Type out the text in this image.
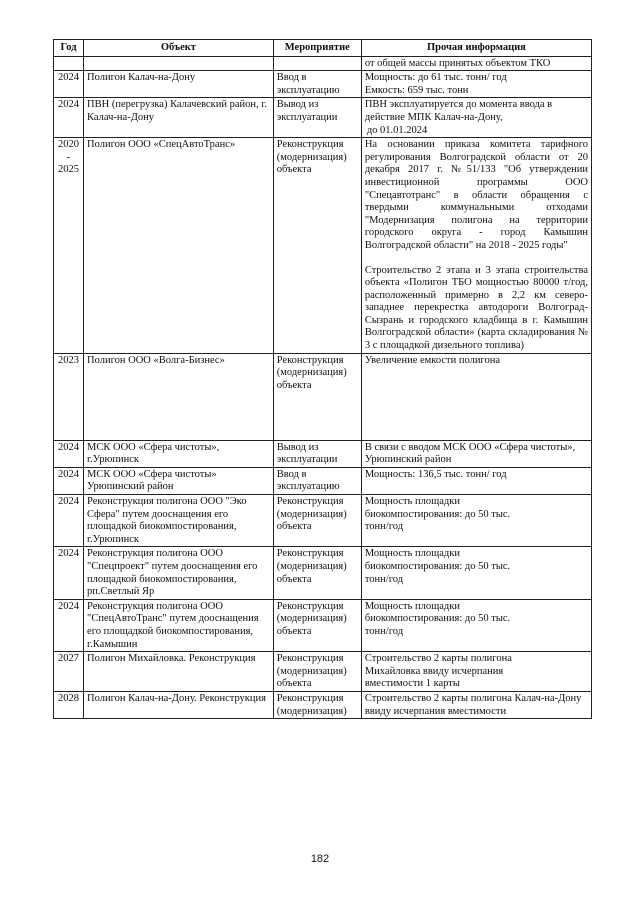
Год	Объект	Мероприятие	Прочая информация
			от общей массы принятых объектом ТКО
2024	Полигон Калач-на-Дону	Ввод в эксплуатацию	Мощность: до 61 тыс. тонн/ год
Емкость: 659 тыс. тонн

2024	ПВН (перегрузка) Калачевский район, г. Калач-на-Дону	Вывод из эксплуатации	ПВН эксплуатируется до момента ввода в действие МПК Калач-на-Дону,
до 01.01.2024

2020 - 2025	Полигон ООО «СпецАвтоТранс»	Реконструкция (модернизация) объекта	На основании приказа комитета тарифного регулирования Волгоградской области от 20 декабря 2017 г. №51/133 "Об утверждении инвестиционной программы ООО "Спецавтотранс" в области обращения с твердыми коммунальными отходами "Модернизация полигона на территории городского округа - город Камышин Волгоградской области" на 2018 - 2025 годы"
Строительство 2 этапа и 3 этапа строительства объекта «Полигон ТБО мощностью 80000 т/год, расположенный примерно в 2,2 км северо-западнее перекрестка автодороги Волгоград-Сызрань и городского кладбища в г. Камышин Волгоградской области» (карта складирования № 3 с площадкой дизельного топлива)

2023	Полигон ООО «Волга-Бизнес»	Реконструкция (модернизация) объекта	Увеличение емкости полигона
2024	МСК ООО «Сфера чистоты», г.Урюпинск	Вывод из эксплуатации	В связи с вводом МСК ООО «Сфера чистоты», Урюпинский район
2024	МСК ООО «Сфера чистоты» Урюпинский район	Ввод в эксплуатацию	Мощность: 136,5 тыс. тонн/ год
2024	Реконструкция полигона ООО "Эко Сфера" путем дооснащения его площадкой биокомпостирования, г.Урюпинск	Реконструкция (модернизация) объекта	Мощность площадки биокомпостирования: до 50 тыс. тонн/год
2024	Реконструкция полигона ООО "Спецпроект" путем дооснащения его площадкой биокомпостирования, рп.Светлый Яр	Реконструкция (модернизация) объекта	Мощность площадки биокомпостирования: до 50 тыс. тонн/год
2024	Реконструкция полигона ООО "СпецАвтоТранс" путем дооснащения его площадкой биокомпостирования, г.Камышин	Реконструкция (модернизация) объекта	Мощность площадки биокомпостирования: до 50 тыс. тонн/год
2027	Полигон Михайловка. Реконструкция	Реконструкция (модернизация) объекта	Строительство 2 карты полигона Михайловка ввиду исчерпания вместимости 1 карты
2028	Полигон Калач-на-Дону. Реконструкция	Реконструкция (модернизация)	Строительство 2 карты полигона Калач-на-Дону ввиду исчерпания вместимости
182
